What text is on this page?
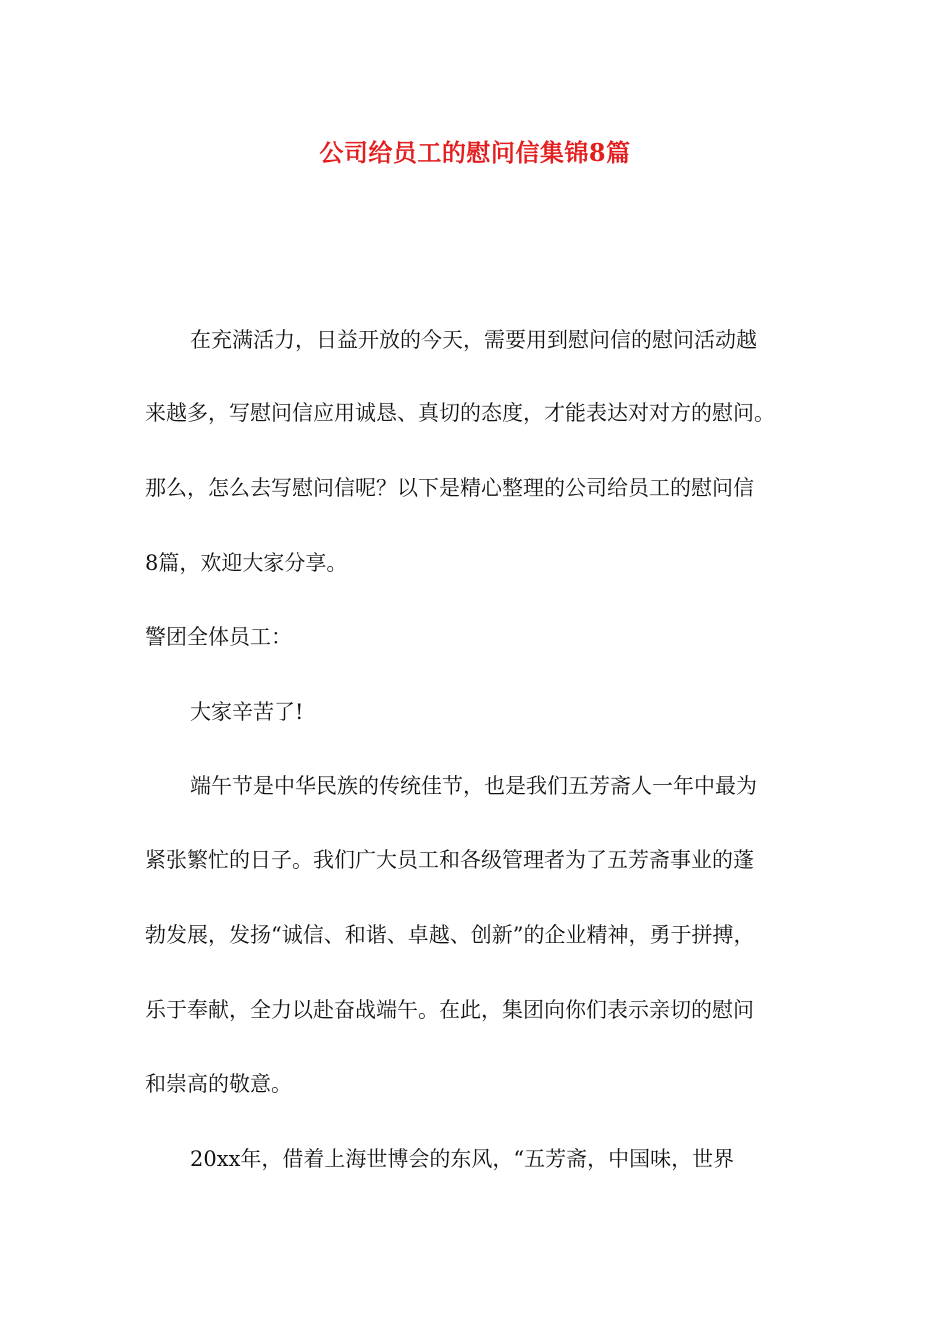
公司给员工的慰问信集锦8篇
在充满活力，日益开放的今天，需要用到慰问信的慰问活动越
来越多，写慰问信应用诚恳、真切的态度，才能表达对对方的慰问。
那么，怎么去写慰问信呢？以下是精心整理的公司给员工的慰问信
8篇，欢迎大家分享。
警团全体员工：
大家辛苦了!
端午节是中华民族的传统佳节，也是我们五芳斋人一年中最为
紧张繁忙的日子。我们广大员工和各级管理者为了五芳斋事业的蓬
勃发展，发扬“诚信、和谐、卓越、创新”的企业精神，勇于拼搏，
乐于奉献，全力以赴奋战端午。在此，集团向你们表示亲切的慰问
和崇高的敬意。
20xx年，借着上海世博会的东风，“五芳斋，中国味，世界
